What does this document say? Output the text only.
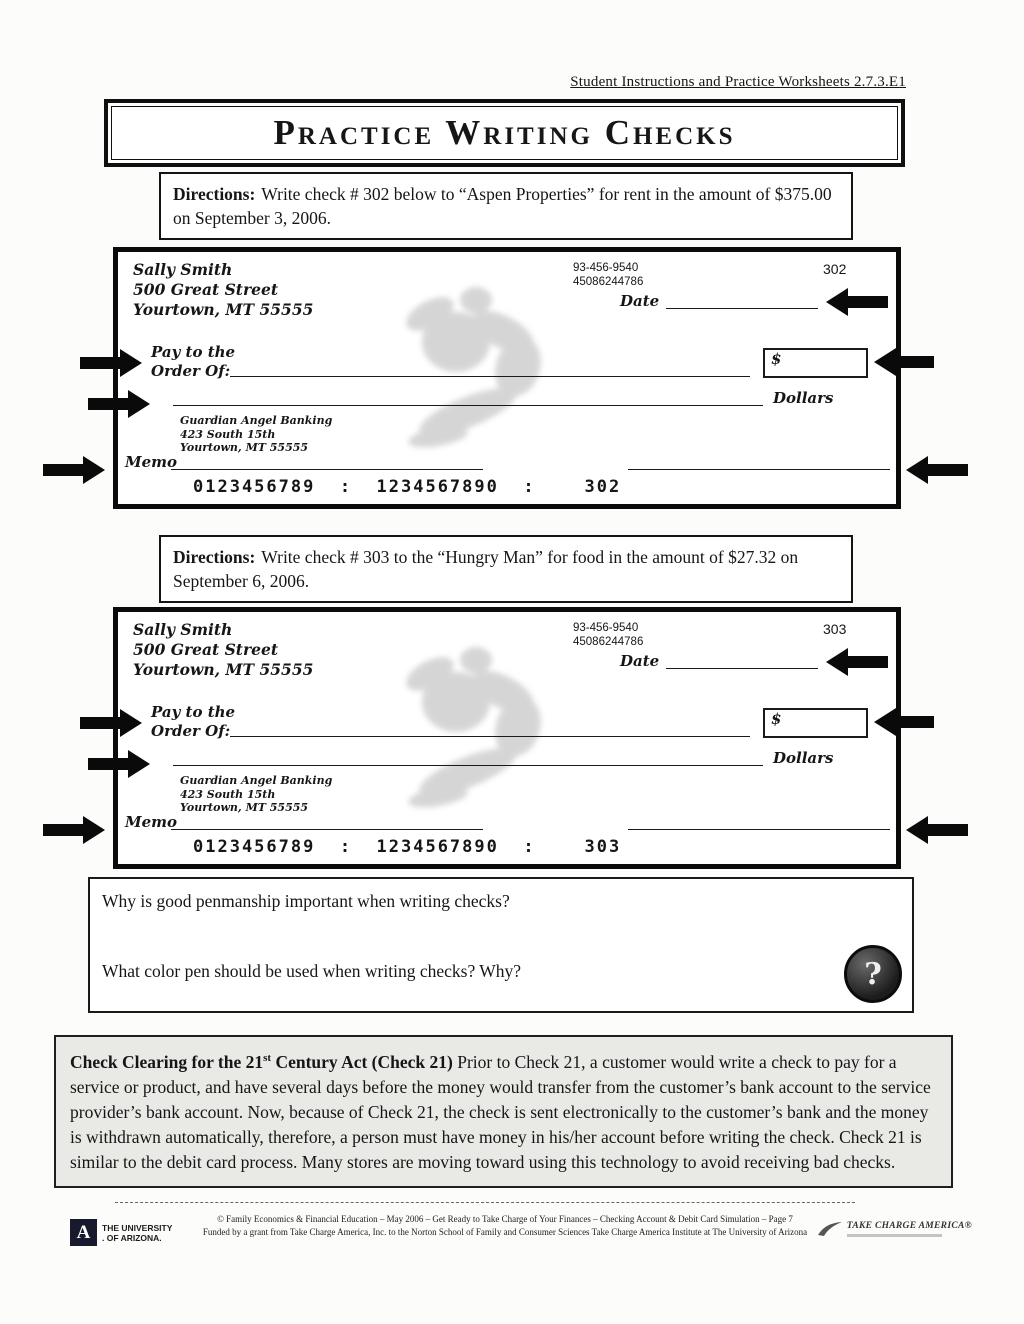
Student Instructions and Practice Worksheets 2.7.3.E1
Practice Writing Checks
Directions: Write check # 302 below to “Aspen Properties” for rent in the amount of $375.00 on September 3, 2006.
Sally Smith
500 Great Street
Yourtown, MT 55555
93-456-9540
45086244786
302
Date
Pay to the
Order Of:
$
Dollars
Guardian Angel Banking
423 South 15th
Yourtown, MT 55555
Memo
0123456789  :  1234567890  :    302
Directions: Write check # 303 to the “Hungry Man” for food in the amount of $27.32 on September 6, 2006.
Sally Smith
500 Great Street
Yourtown, MT 55555
93-456-9540
45086244786
303
Date
Pay to the
Order Of:
$
Dollars
Guardian Angel Banking
423 South 15th
Yourtown, MT 55555
Memo
0123456789  :  1234567890  :    303
Why is good penmanship important when writing checks?
What color pen should be used when writing checks? Why?	?
Check Clearing for the 21st Century Act (Check 21) Prior to Check 21, a customer would write a check to pay for a service or product, and have several days before the money would transfer from the customer’s bank account to the service provider’s bank account. Now, because of Check 21, the check is sent electronically to the customer’s bank and the money is withdrawn automatically, therefore, a person must have money in his/her account before writing the check. Check 21 is similar to the debit card process. Many stores are moving toward using this technology to avoid receiving bad checks.
A THE UNIVERSITY
. OF ARIZONA.
© Family Economics & Financial Education – May 2006 – Get Ready to Take Charge of Your Finances – Checking Account & Debit Card Simulation – Page 7
Funded by a grant from Take Charge America, Inc. to the Norton School of Family and Consumer Sciences Take Charge America Institute at The University of Arizona
TAKE CHARGE AMERICA®
